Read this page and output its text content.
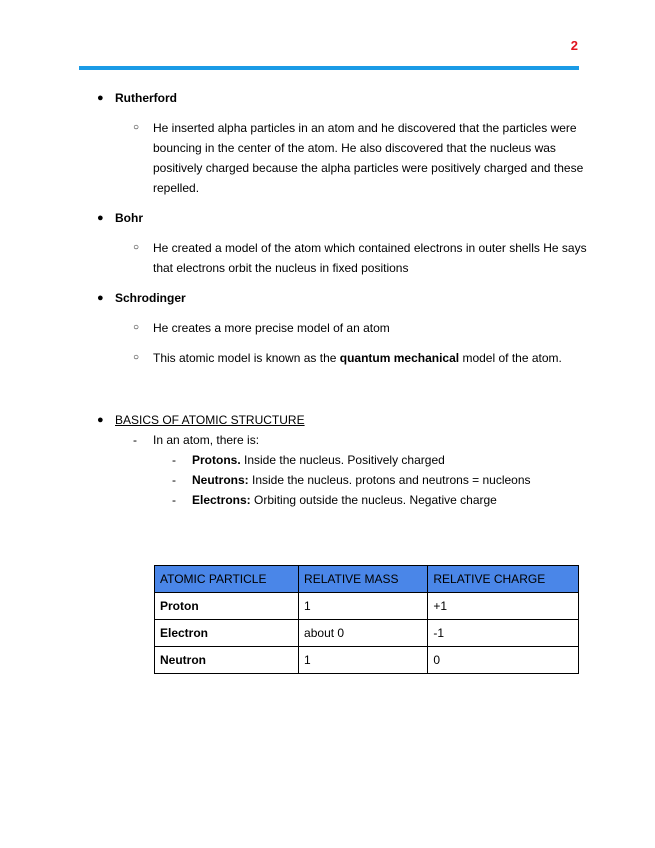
2
● Rutherford
○ He inserted alpha particles in an atom and he discovered that the particles were bouncing in the center of the atom. He also discovered that the nucleus was positively charged because the alpha particles were positively charged and these repelled.
● Bohr
○ He created a model of the atom which contained electrons in outer shells He says that electrons orbit the nucleus in fixed positions
● Schrodinger
○ He creates a more precise model of an atom
○ This atomic model is known as the quantum mechanical model of the atom.
● BASICS OF ATOMIC STRUCTURE
- In an atom, there is:
- Protons. Inside the nucleus. Positively charged
- Neutrons: Inside the nucleus. protons and neutrons = nucleons
- Electrons: Orbiting outside the nucleus. Negative charge
ATOMIC PARTICLE	RELATIVE MASS	RELATIVE CHARGE
Proton	1	+1
Electron	about 0	-1
Neutron	1	0
